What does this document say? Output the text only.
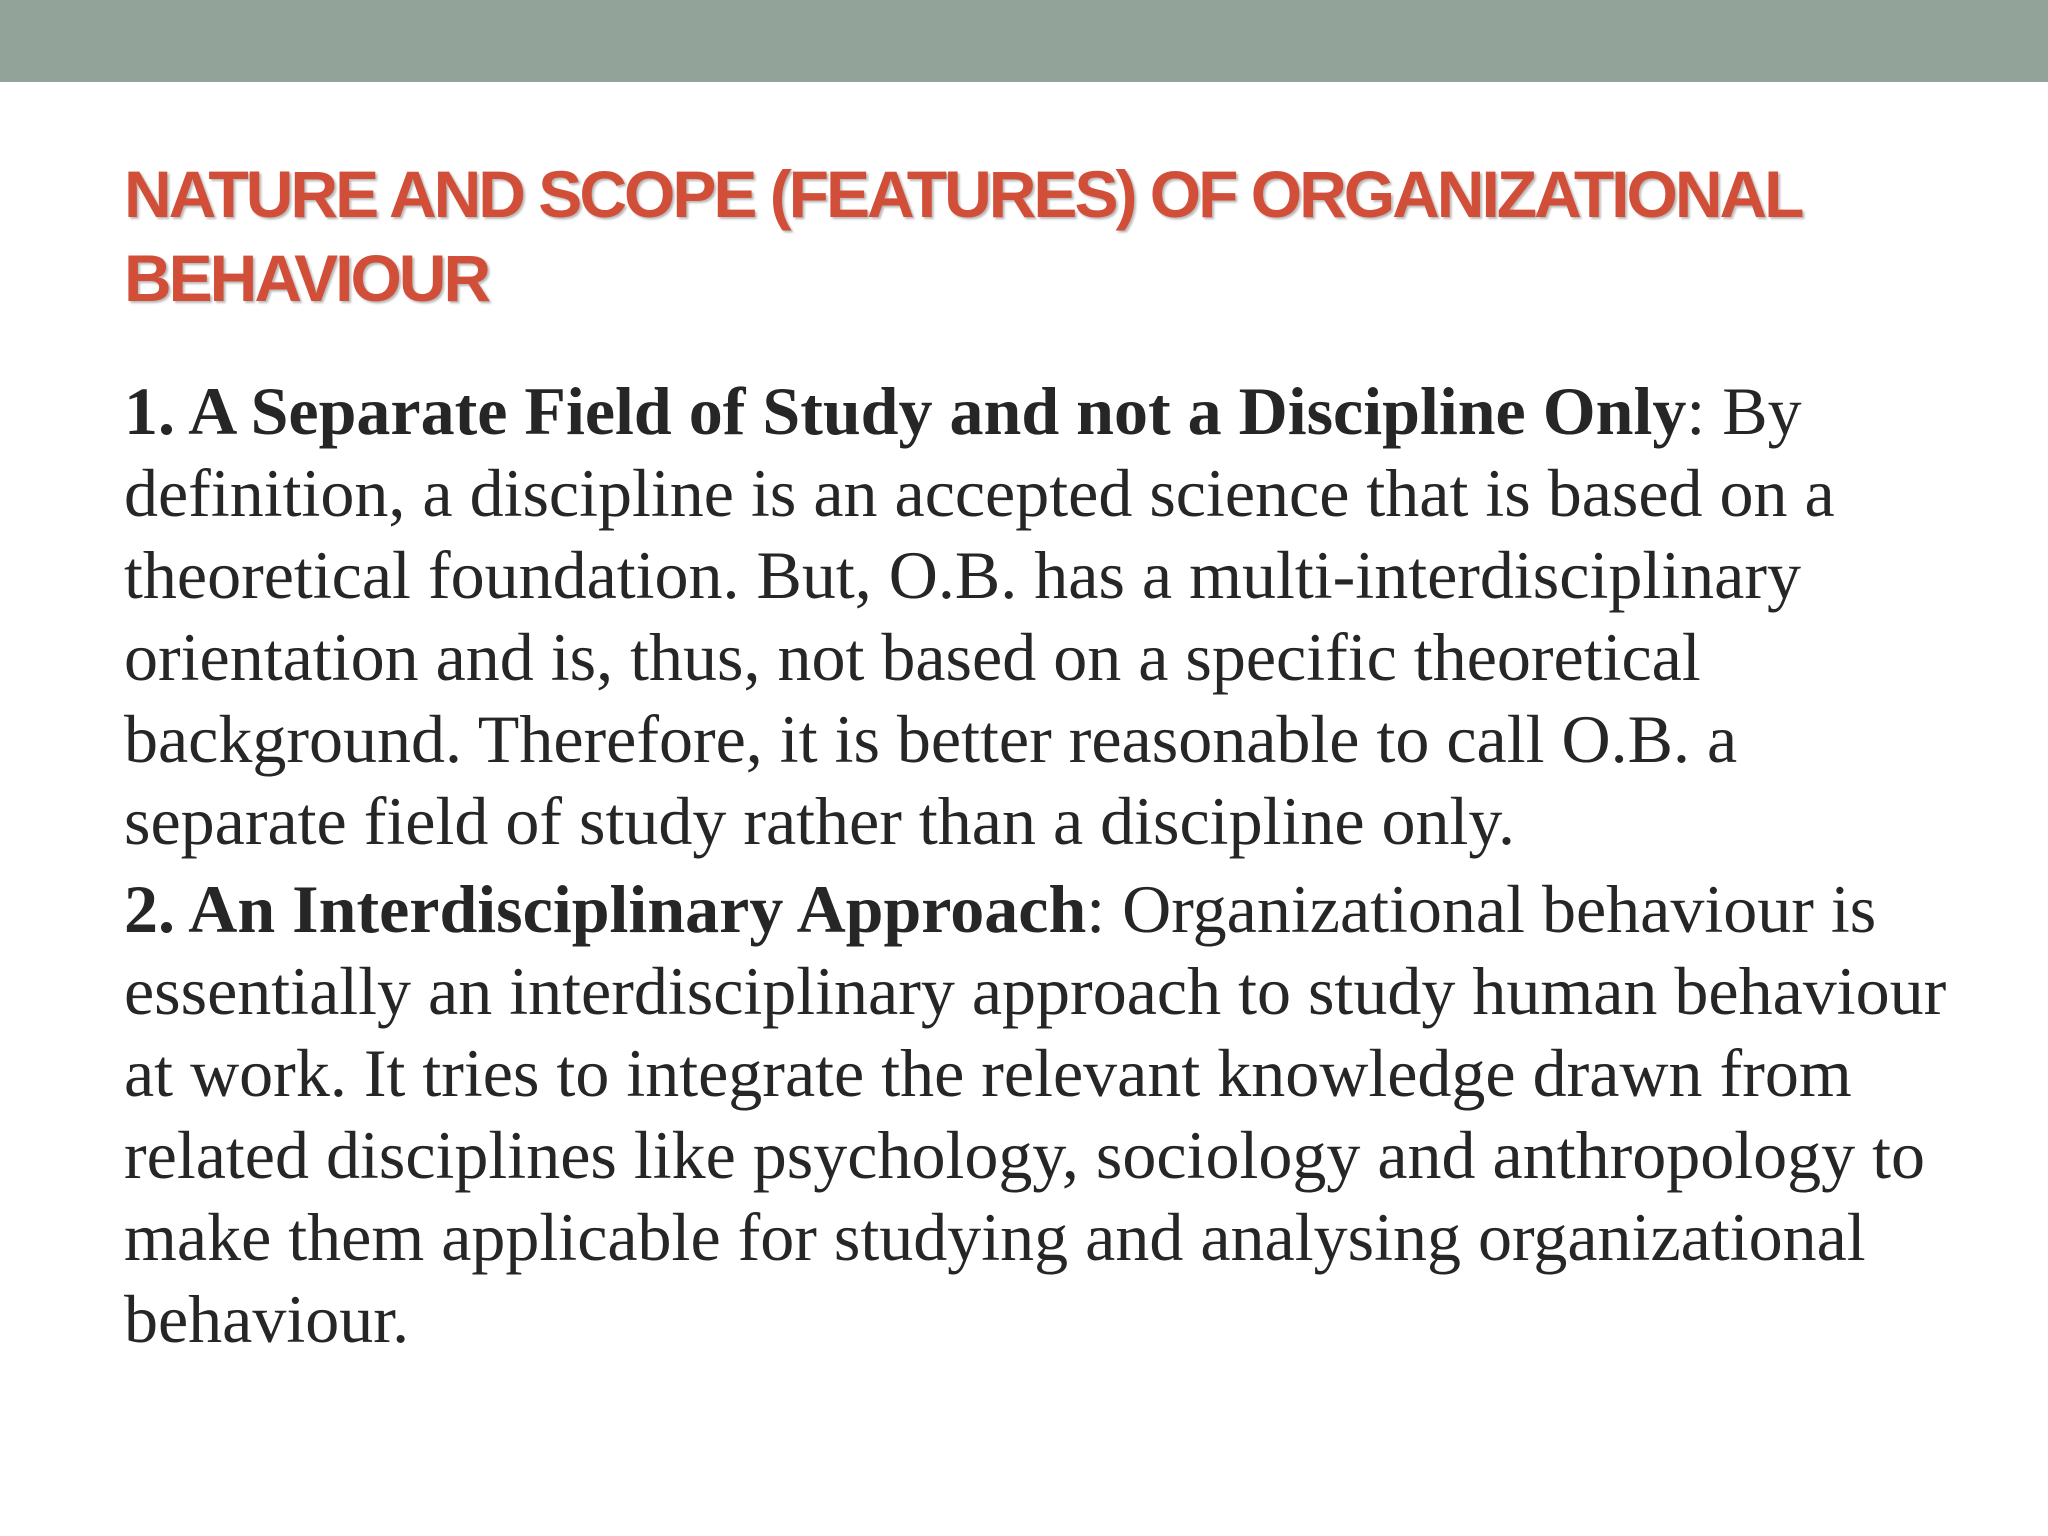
NATURE AND SCOPE (FEATURES) OF ORGANIZATIONAL BEHAVIOUR

1. A Separate Field of Study and not a Discipline Only: By definition, a discipline is an accepted science that is based on a theoretical foundation. But, O.B. has a multi-interdisciplinary orientation and is, thus, not based on a specific theoretical background. Therefore, it is better reasonable to call O.B. a separate field of study rather than a discipline only.

2. An Interdisciplinary Approach: Organizational behaviour is essentially an interdisciplinary approach to study human behaviour at work. It tries to integrate the relevant knowledge drawn from related disciplines like psychology, sociology and anthropology to make them applicable for studying and analysing organizational behaviour.
